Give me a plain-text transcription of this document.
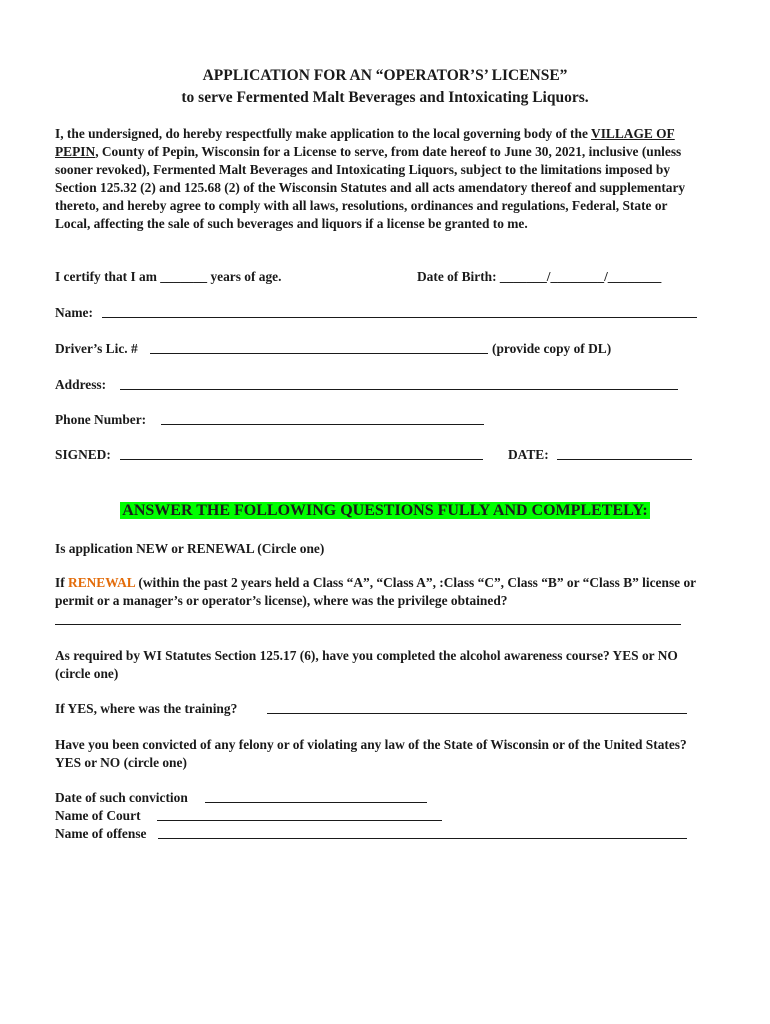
APPLICATION FOR AN “OPERATOR’S’ LICENSE”
to serve Fermented Malt Beverages and Intoxicating Liquors.
I, the undersigned, do hereby respectfully make application to the local governing body of the VILLAGE OF PEPIN, County of Pepin, Wisconsin for a License to serve, from date hereof to June 30, 2021, inclusive (unless sooner revoked), Fermented Malt Beverages and Intoxicating Liquors, subject to the limitations imposed by Section 125.32 (2) and 125.68 (2) of the Wisconsin Statutes and all acts amendatory thereof and supplementary thereto, and hereby agree to comply with all laws, resolutions, ordinances and regulations, Federal, State or Local, affecting the sale of such beverages and liquors if a license be granted to me.
I certify that I am _______ years of age.	Date of Birth: _______/________/________
Name:
Driver’s Lic. #	(provide copy of DL)
Address:
Phone Number:
SIGNED:	DATE:
ANSWER THE FOLLOWING QUESTIONS FULLY AND COMPLETELY:
Is application NEW or RENEWAL (Circle one)
If RENEWAL (within the past 2 years held a Class “A”, “Class A”, :Class “C”, Class “B” or “Class B” license or permit or a manager’s or operator’s license), where was the privilege obtained?
As required by WI Statutes Section 125.17 (6), have you completed the alcohol awareness course? YES or NO (circle one)
If YES, where was the training?
Have you been convicted of any felony or of violating any law of the State of Wisconsin or of the United States? YES or NO (circle one)
Date of such conviction
Name of Court
Name of offense
